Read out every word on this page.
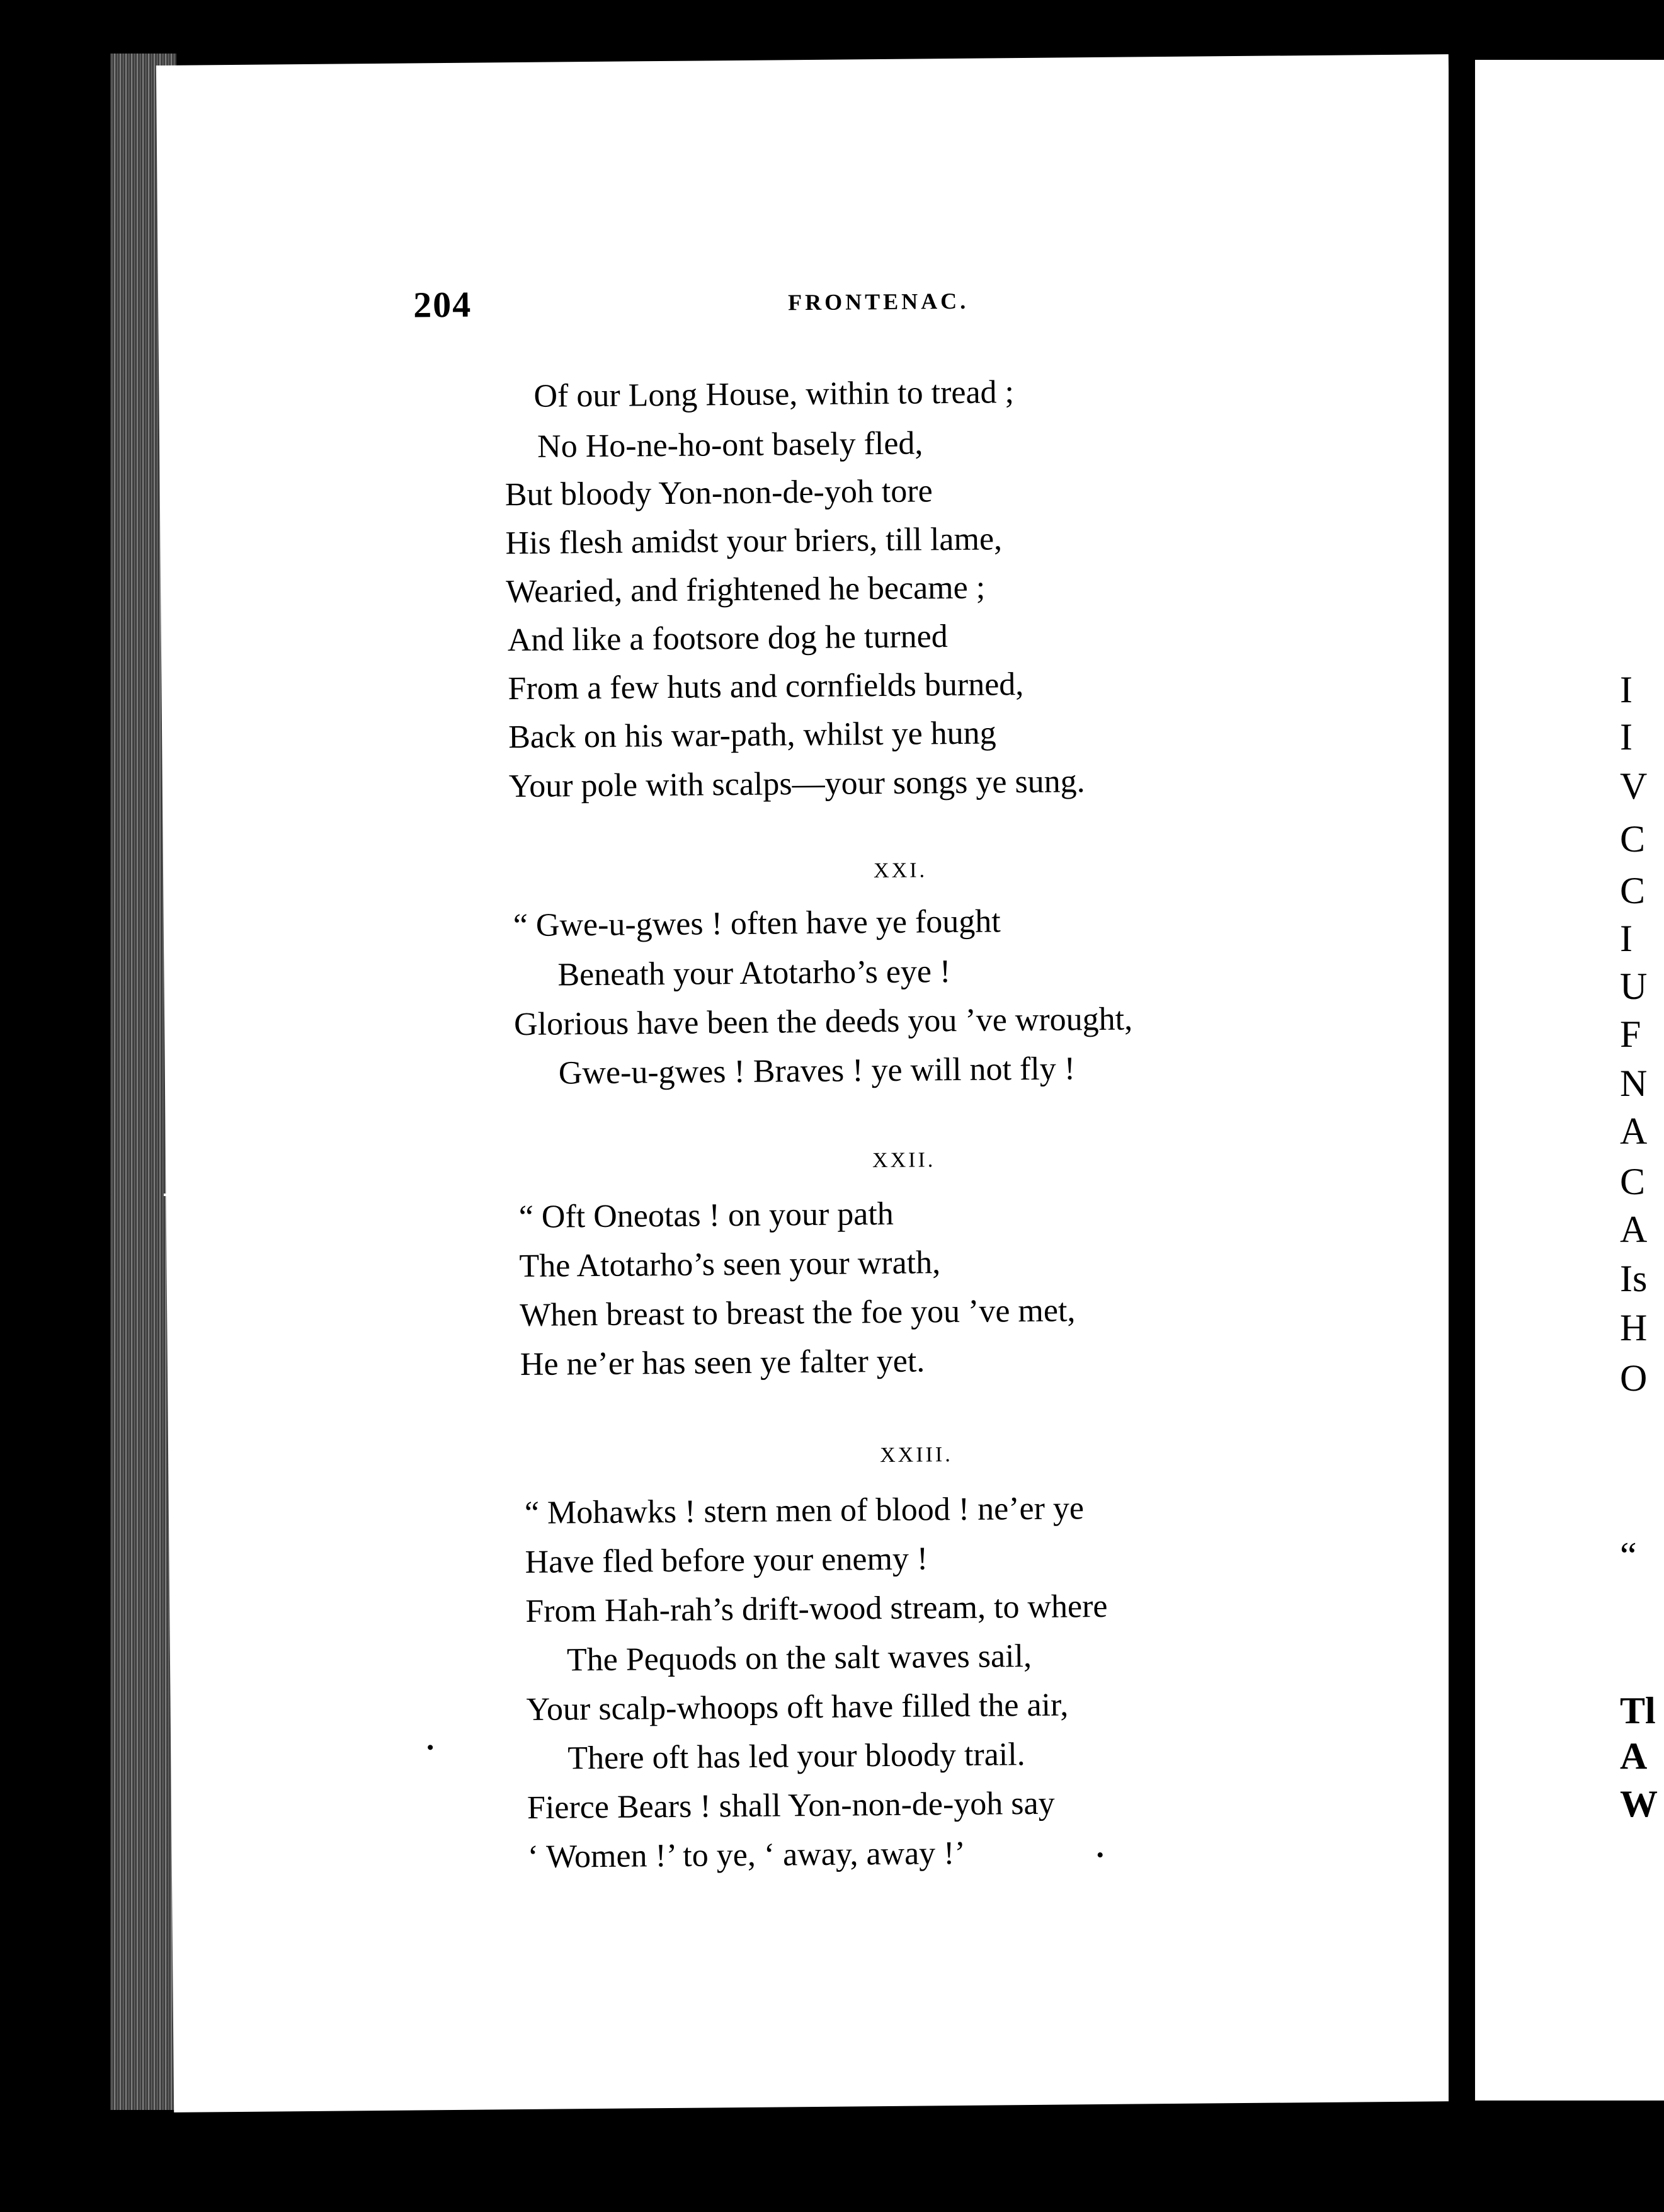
204	FRONTENAC.
Of our Long House, within to tread ;
No Ho-ne-ho-ont basely fled,
But bloody Yon-non-de-yoh tore
His flesh amidst your briers, till lame,
Wearied, and frightened he became ;
And like a footsore dog he turned
From a few huts and cornfields burned,
Back on his war-path, whilst ye hung
Your pole with scalps—your songs ye sung.
XXI.
“ Gwe-u-gwes ! often have ye fought
Beneath your Atotarho’s eye !
Glorious have been the deeds you ’ve wrought,
Gwe-u-gwes ! Braves ! ye will not fly !
XXII.
“ Oft Oneotas ! on your path
The Atotarho’s seen your wrath,
When breast to breast the foe you ’ve met,
He ne’er has seen ye falter yet.
XXIII.
“ Mohawks ! stern men of blood ! ne’er ye
Have fled before your enemy !
From Hah-rah’s drift-wood stream, to where
The Pequods on the salt waves sail,
Your scalp-whoops oft have filled the air,
There oft has led your bloody trail.
Fierce Bears ! shall Yon-non-de-yoh say
‘ Women !’ to ye, ‘ away, away !’
I
I
V
C
C
I
U
F
N
A
C
A
Is
H
O
“
Tl
A
W
